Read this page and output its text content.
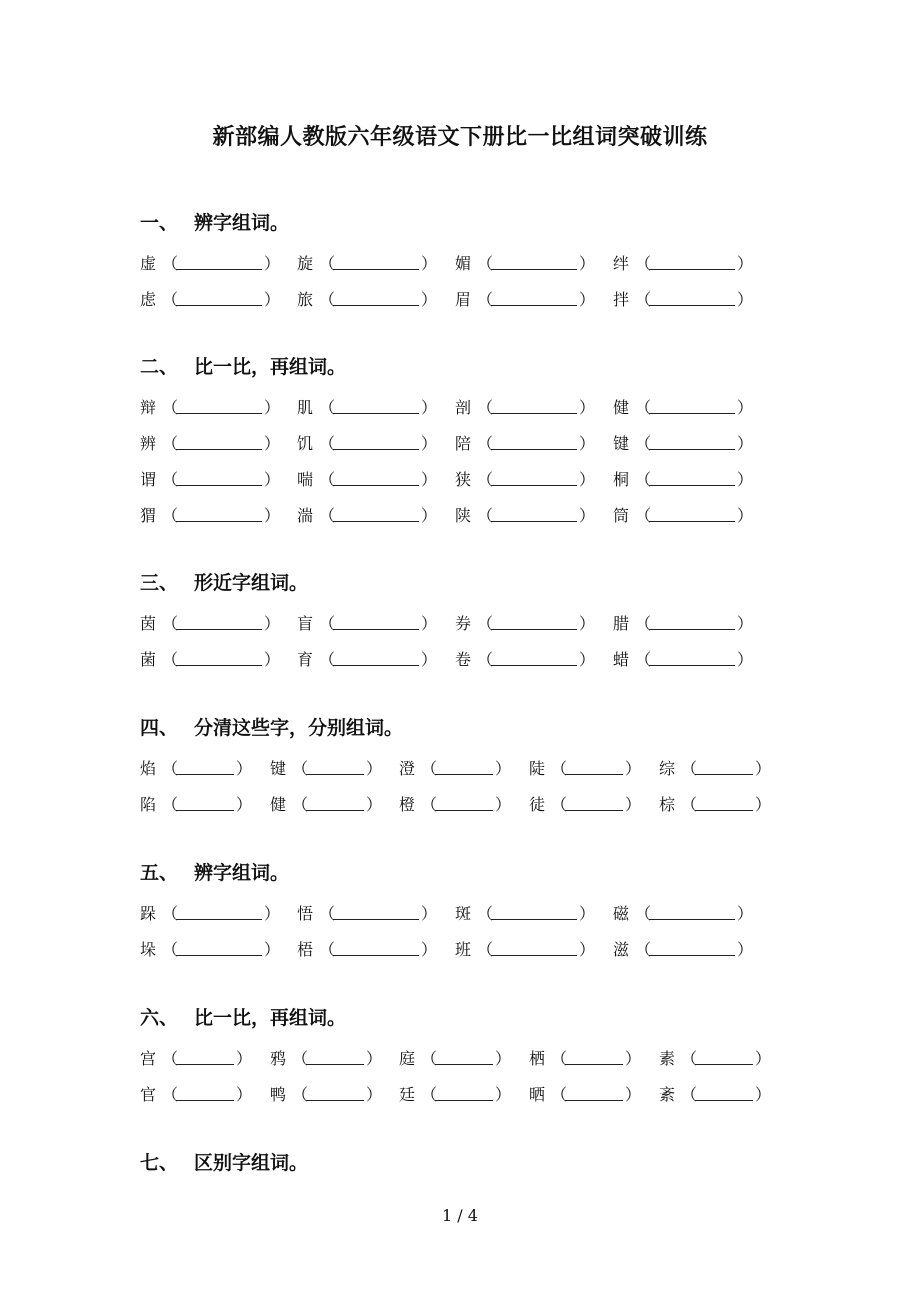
新部编人教版六年级语文下册比一比组词突破训练
一、 辨字组词。
虚 （	） 旋 （	） 媚 （	） 绊 （	）
虑 （	） 旅 （	） 眉 （	） 拌 （	）
二、 比一比，再组词。
辩 （	） 肌 （	） 剖 （	） 健 （	）
辨 （	） 饥 （	） 陪 （	） 键 （	）
谓 （	） 喘 （	） 狭 （	） 桐 （	）
猬 （	） 湍 （	） 陕 （	） 筒 （	）
三、 形近字组词。
茵 （	） 盲 （	） 券 （	） 腊 （	）
菌 （	） 育 （	） 卷 （	） 蜡 （	）
四、 分清这些字，分别组词。
焰 （	） 键 （	） 澄 （	） 陡 （	） 综 （	）
陷 （	） 健 （	） 橙 （	） 徒 （	） 棕 （	）
五、 辨字组词。
跺 （	） 悟 （	） 斑 （	） 磁 （	）
垛 （	） 梧 （	） 班 （	） 滋 （	）
六、 比一比，再组词。
宫 （	） 鸦 （	） 庭 （	） 栖 （	） 素 （	）
官 （	） 鸭 （	） 廷 （	） 晒 （	） 紊 （	）
七、 区别字组词。
1 / 4
